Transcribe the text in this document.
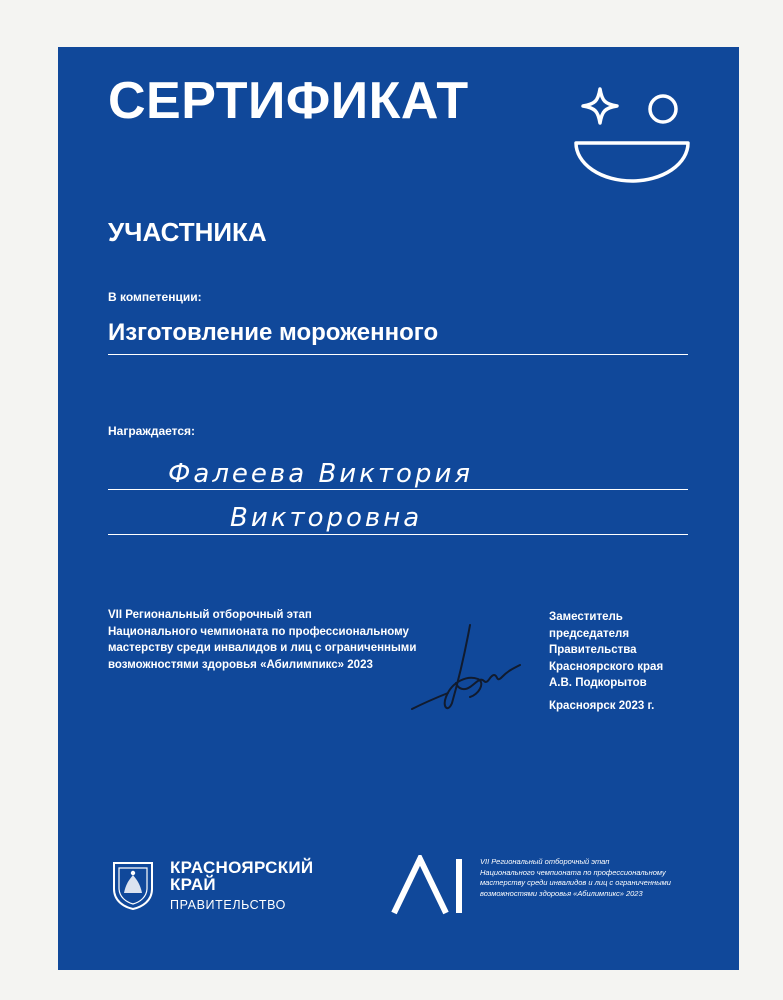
СЕРТИФИКАТ
УЧАСТНИКА
В компетенции:
Изготовление мороженного
Награждается:
Фалеева Виктория
Викторовна
VII Региональный отборочный этап
Национального чемпионата по профессиональному
мастерству среди инвалидов и лиц с ограниченными
возможностями здоровья «Абилимпикс» 2023
Заместитель
председателя
Правительства
Красноярского края
А.В. Подкорытов
Красноярск 2023 г.
КРАСНОЯРСКИЙ
КРАЙ
ПРАВИТЕЛЬСТВО
VII Региональный отборочный этап
Национального чемпионата по профессиональному
мастерству среди инвалидов и лиц с ограниченными
возможностями здоровья «Абилимпикс» 2023
